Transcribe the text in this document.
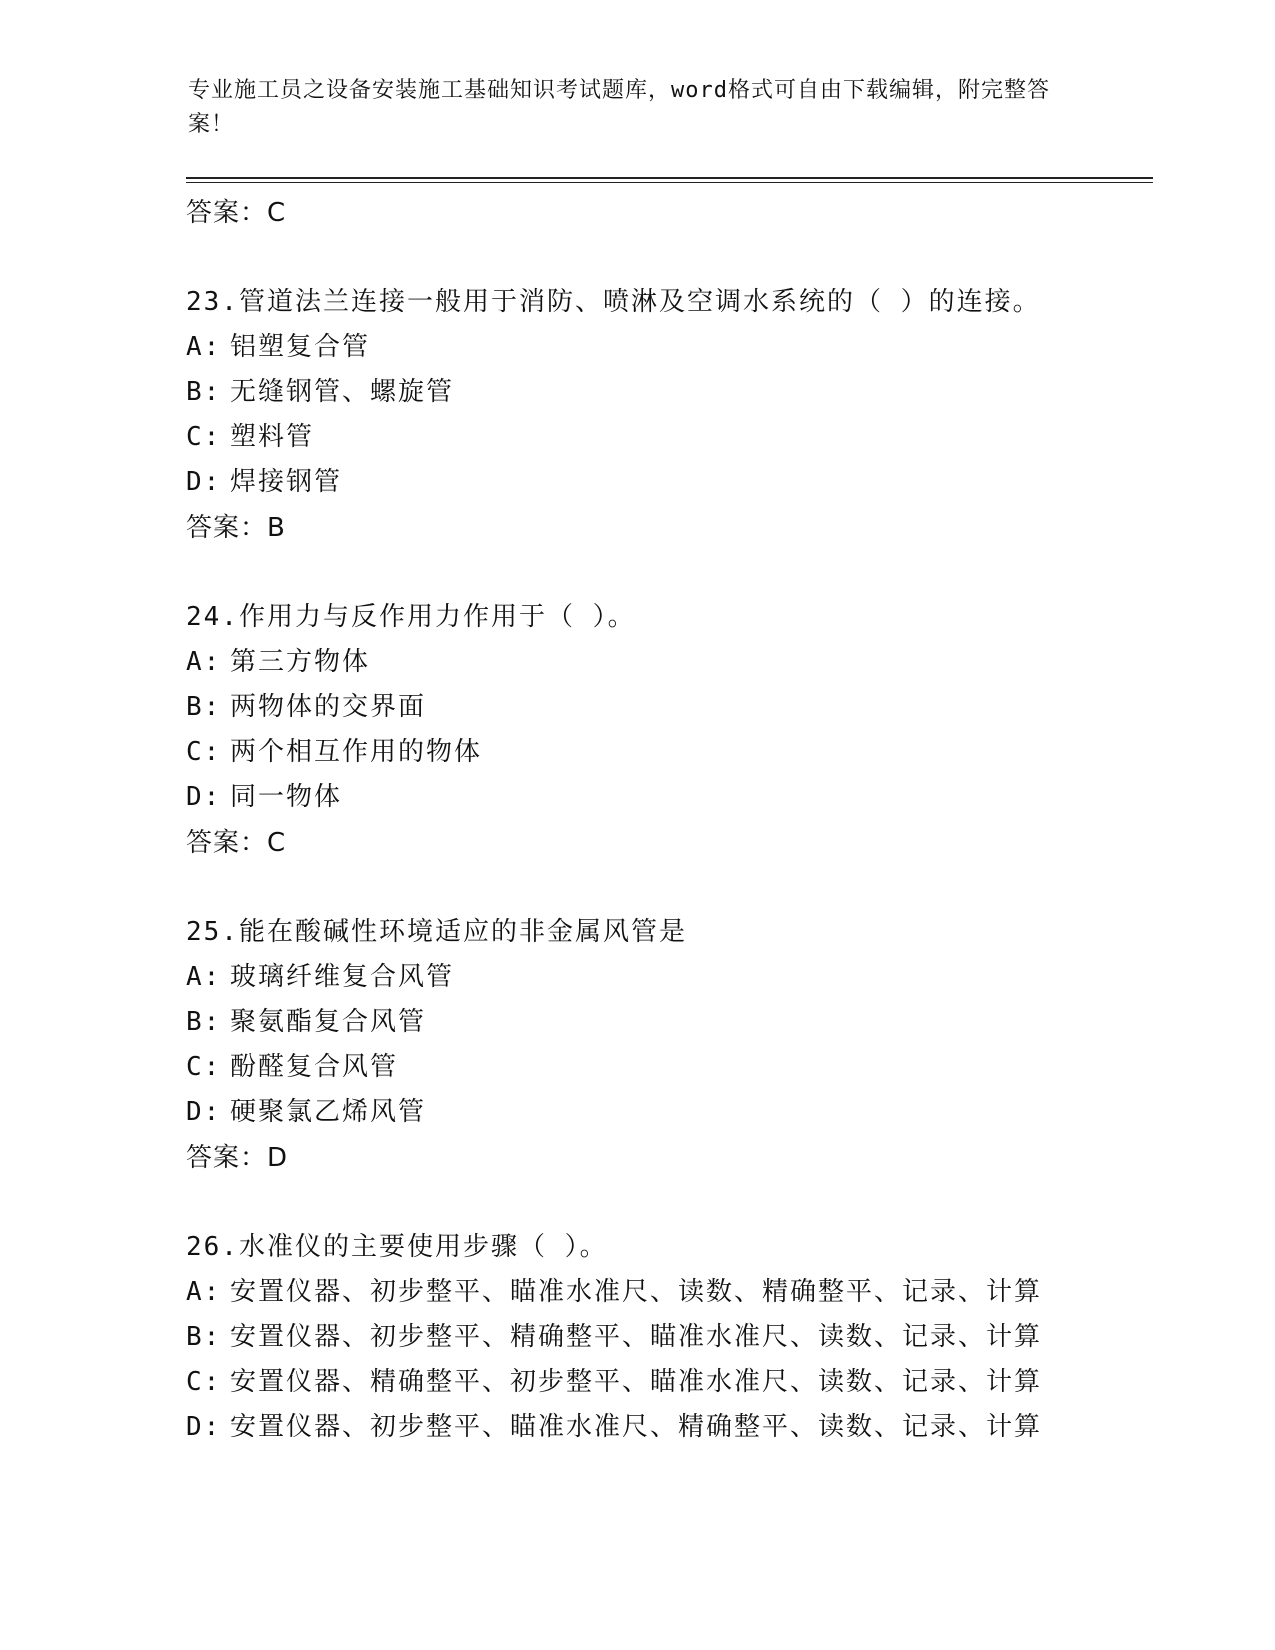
专业施工员之设备安装施工基础知识考试题库，word格式可自由下载编辑，附完整答案！

答案：C

23.管道法兰连接一般用于消防、喷淋及空调水系统的（ ）的连接。

A: 铝塑复合管

B: 无缝钢管、螺旋管

C: 塑料管

D: 焊接钢管

答案：B

24.作用力与反作用力作用于（ ）。

A: 第三方物体

B: 两物体的交界面

C: 两个相互作用的物体

D: 同一物体

答案：C

25.能在酸碱性环境适应的非金属风管是

A: 玻璃纤维复合风管

B: 聚氨酯复合风管

C: 酚醛复合风管

D: 硬聚氯乙烯风管

答案：D

26.水准仪的主要使用步骤（ ）。

A: 安置仪器、初步整平、瞄准水准尺、读数、精确整平、记录、计算

B: 安置仪器、初步整平、精确整平、瞄准水准尺、读数、记录、计算

C: 安置仪器、精确整平、初步整平、瞄准水准尺、读数、记录、计算

D: 安置仪器、初步整平、瞄准水准尺、精确整平、读数、记录、计算
